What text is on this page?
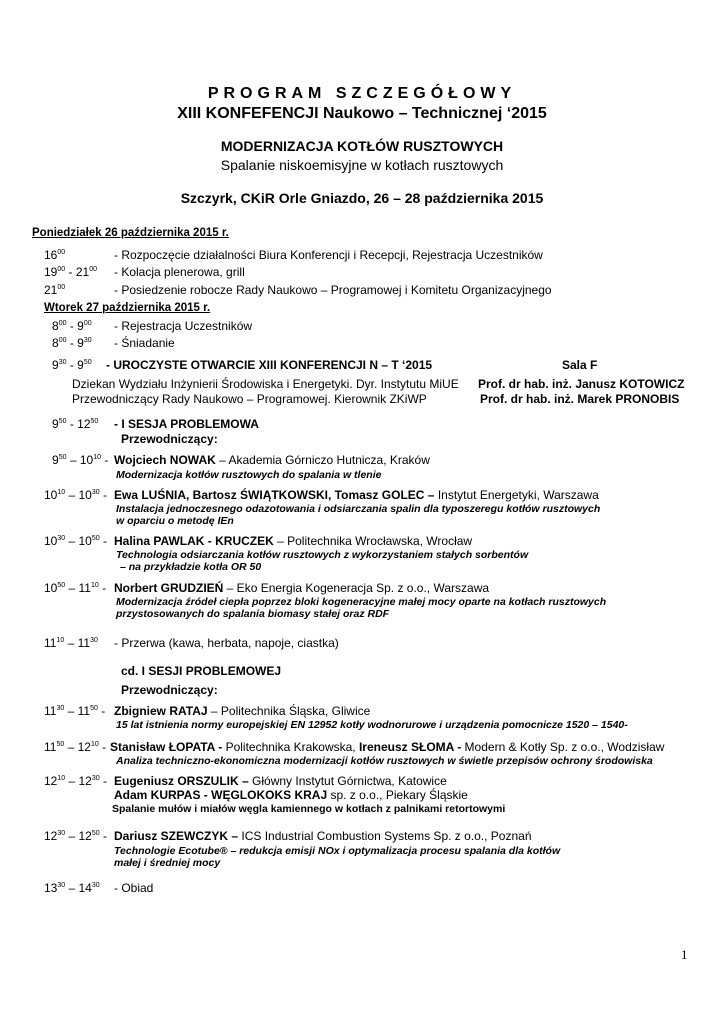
PROGRAM SZCZEGÓŁOWY
XIII KONFEFENCJI Naukowo – Technicznej ‘2015
MODERNIZACJA KOTŁÓW RUSZTOWYCH
Spalanie niskoemisyjne w kotłach rusztowych
Szczyrk, CKiR Orle Gniazdo, 26 – 28 października 2015
Poniedziałek 26 października 2015 r.
$16^{00}$	- Rozpoczęcie działalności Biura Konferencji i Recepcji, Rejestracja Uczestników
$19^{00} - 21^{00}$ - Kolacja plenerowa, grill
$21^{00}$	- Posiedzenie robocze Rady Naukowo – Programowej i Komitetu Organizacyjnego
Wtorek 27 października 2015 r.
$8^{00} - 9^{00}$ - Rejestracja Uczestników
$8^{00} - 9^{30}$ - Śniadanie
$9^{30} - 9^{50}$ - UROCZYSTE OTWARCIE XIII KONFERENCJI N – T ‘2015	Sala F
Dziekan Wydziału Inżynierii Środowiska i Energetyki. Dyr. Instytutu MiUE Prof. dr hab. inż. Janusz KOTOWICZ
Przewodniczący Rady Naukowo – Programowej. Kierownik ZKiWP	Prof. dr hab. inż. Marek PRONOBIS
$9^{50} - 12^{50}$ - I SESJA PROBLEMOWA
Przewodniczący:
$9^{50} - 10^{10}$ - Wojciech NOWAK – Akademia Górniczo Hutnicza, Kraków
Modernizacja kotłów rusztowych do spalania w tlenie
$10^{10} - 10^{30}$ - Ewa LUŚNIA, Bartosz ŚWIĄTKOWSKI, Tomasz GOLEC – Instytut Energetyki, Warszawa
Instalacja jednoczesnego odazotowania i odsiarczania spalin dla typoszeregu kotłów rusztowych
w oparciu o metodę IEn
$10^{30} - 10^{50}$ - Halina PAWLAK - KRUCZEK – Politechnika Wrocławska, Wrocław
Technologia odsiarczania kotłów rusztowych z wykorzystaniem stałych sorbentów
– na przykładzie kotła OR 50
$10^{50} - 11^{10}$ - Norbert GRUDZIEŃ – Eko Energia Kogeneracja Sp. z o.o., Warszawa
Modernizacja źródeł ciepła poprzez bloki kogeneracyjne małej mocy oparte na kotłach rusztowych
przystosowanych do spalania biomasy stałej oraz RDF
$11^{10} - 11^{30}$ - Przerwa (kawa, herbata, napoje, ciastka)
cd. I SESJI PROBLEMOWEJ
Przewodniczący:
$11^{30} - 11^{50}$ - Zbigniew RATAJ – Politechnika Śląska, Gliwice
15 lat istnienia normy europejskiej EN 12952 kotły wodnorurowe i urządzenia pomocnicze 1520 – 1540-
$11^{50} - 12^{10}$ - Stanisław ŁOPATA - Politechnika Krakowska, Ireneusz SŁOMA - Modern & Kotły Sp. z o.o., Wodzisław
Analiza techniczno-ekonomiczna modernizacji kotłów rusztowych w świetle przepisów ochrony środowiska
$12^{10} - 12^{30}$ - Eugeniusz ORSZULIK – Główny Instytut Górnictwa, Katowice
Adam KURPAS - WĘGLOKOKS KRAJ sp. z o.o., Piekary Śląskie
Spalanie mułów i miałów węgla kamiennego w kotłach z palnikami retortowymi
$12^{30} - 12^{50}$ - Dariusz SZEWCZYK – ICS Industrial Combustion Systems Sp. z o.o., Poznań
Technologie Ecotube® – redukcja emisji NOx i optymalizacja procesu spalania dla kotłów
małej i średniej mocy
$13^{30} - 14^{30}$ - Obiad
1
